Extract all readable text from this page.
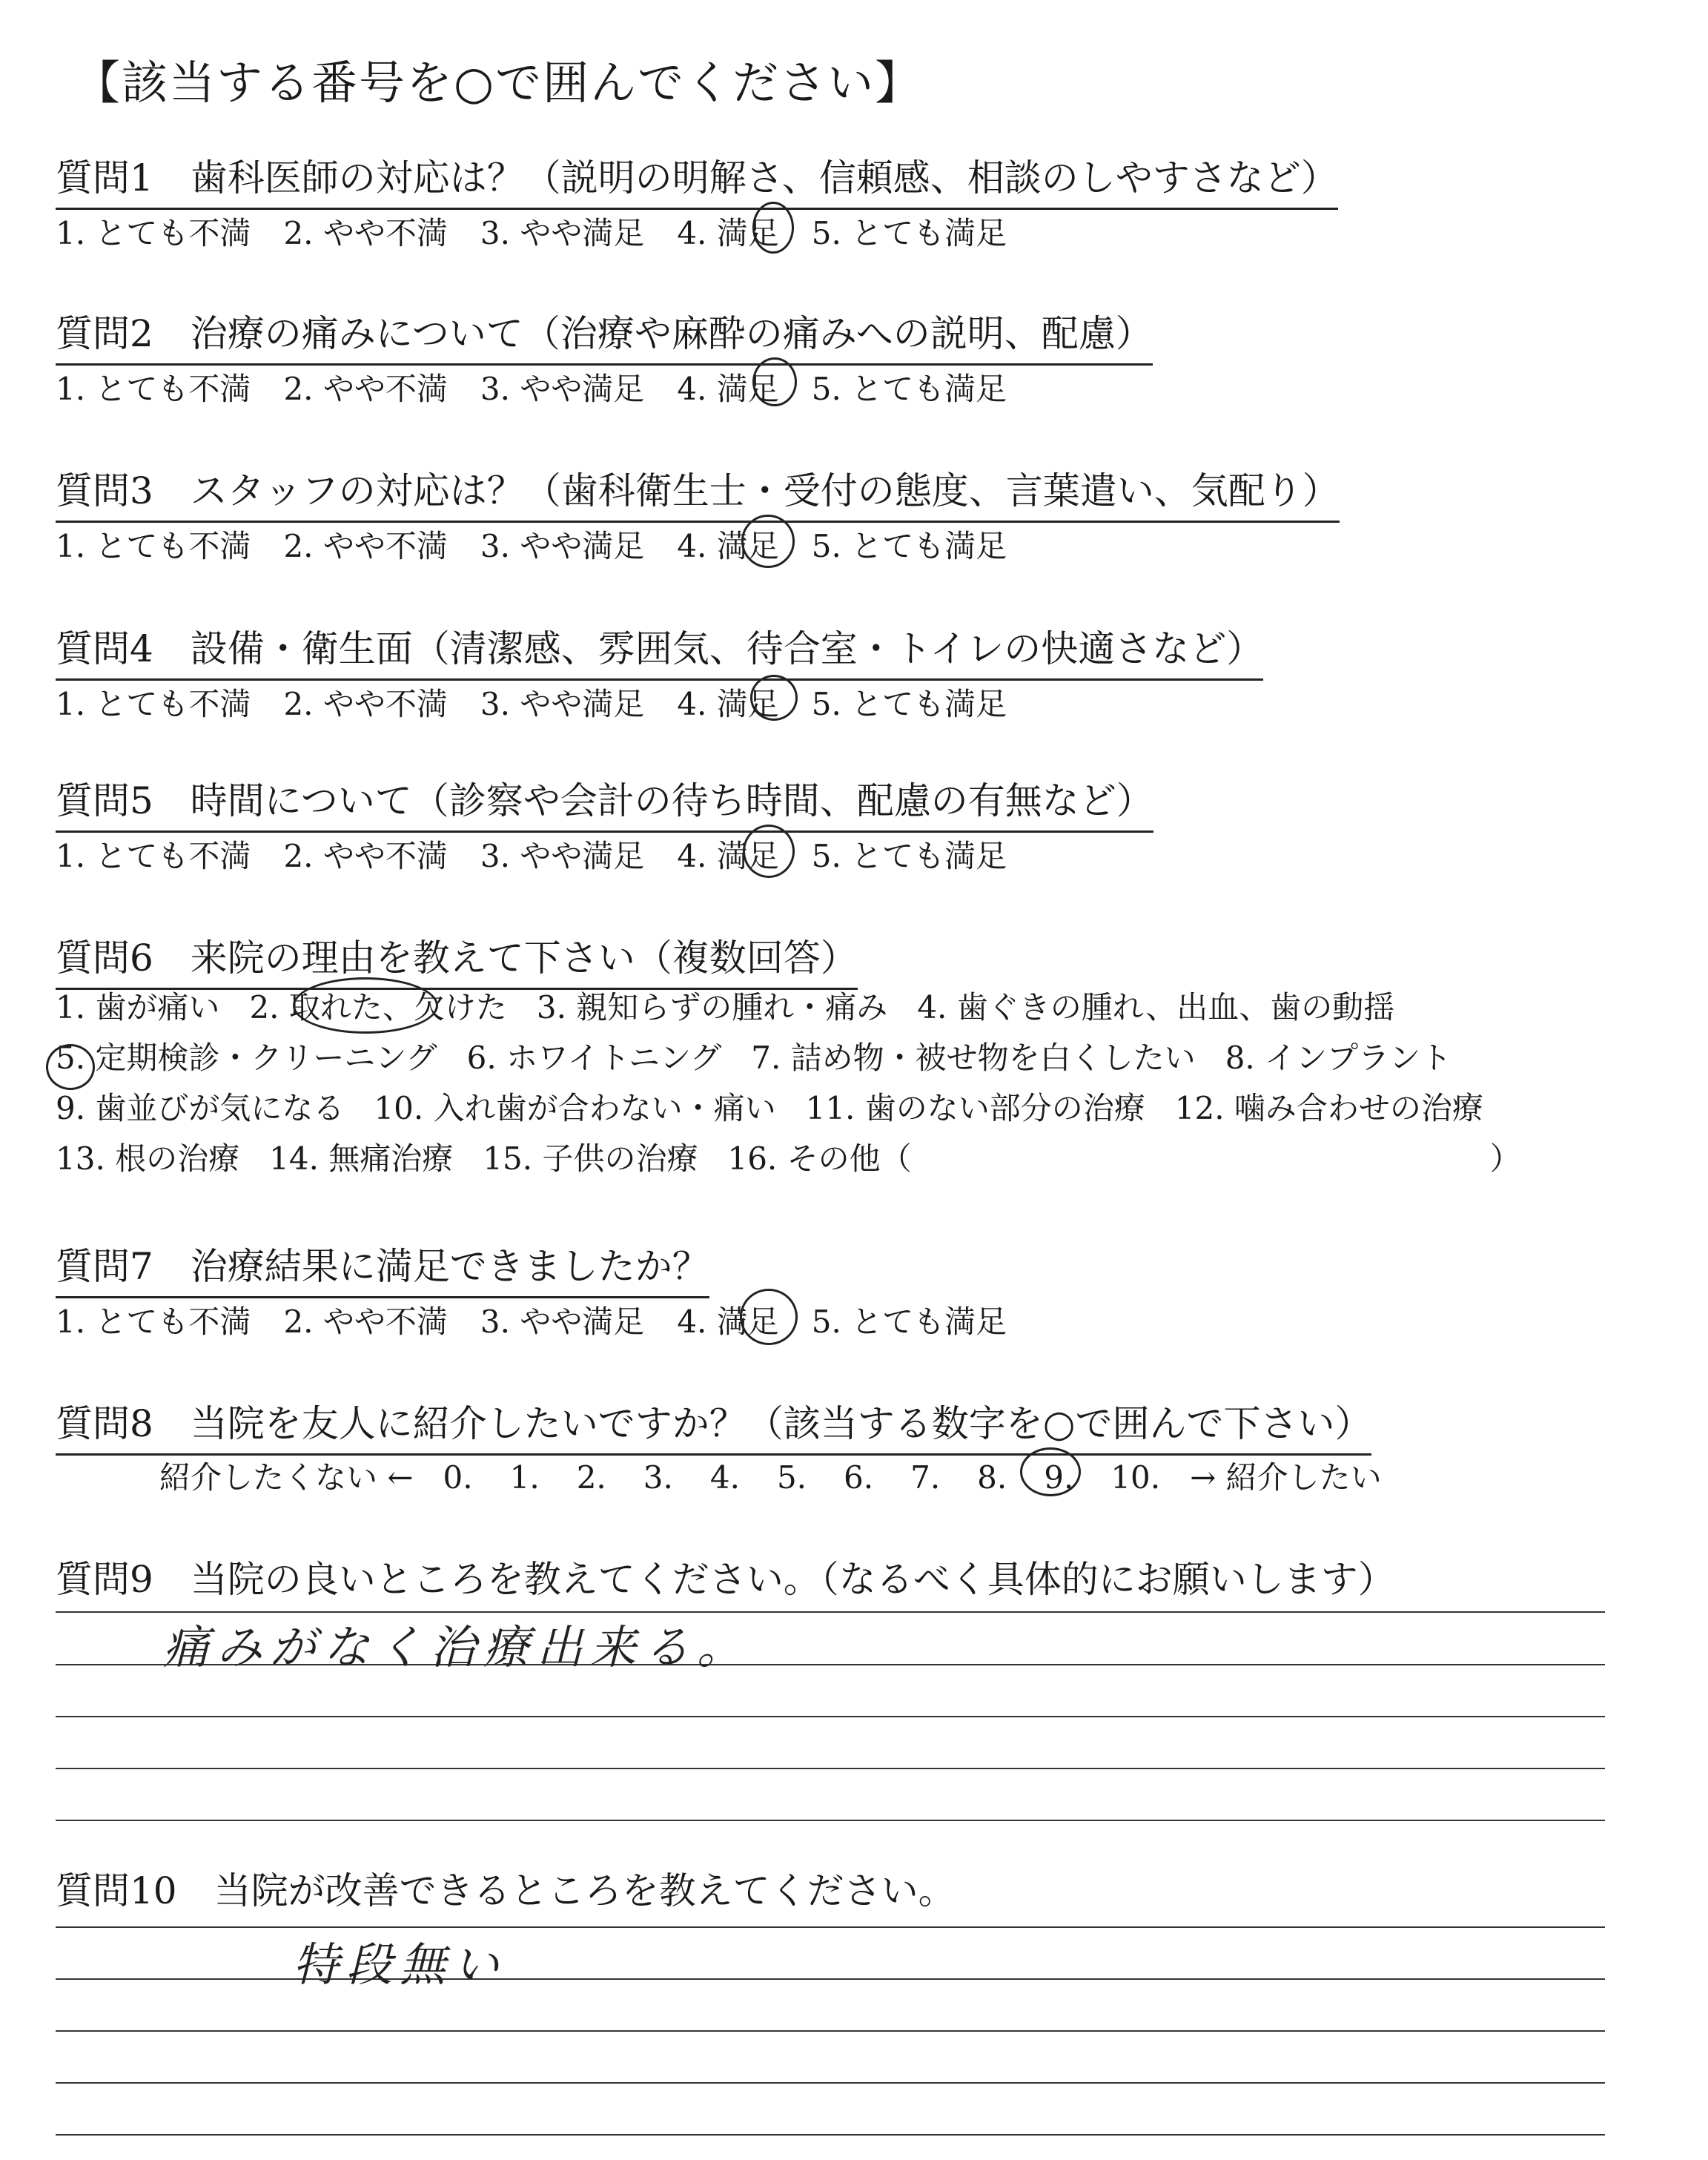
【該当する番号を○で囲んでください】
質問1　歯科医師の対応は？（説明の明解さ、信頼感、相談のしやすさなど）
1. とても不満 2. やや不満 3. やや満足 4. 満足 5. とても満足
質問2　治療の痛みについて（治療や麻酔の痛みへの説明、配慮）
1. とても不満 2. やや不満 3. やや満足 4. 満足 5. とても満足
質問3　スタッフの対応は？（歯科衛生士・受付の態度、言葉遣い、気配り）
1. とても不満 2. やや不満 3. やや満足 4. 満足 5. とても満足
質問4　設備・衛生面（清潔感、雰囲気、待合室・トイレの快適さなど）
1. とても不満 2. やや不満 3. やや満足 4. 満足 5. とても満足
質問5　時間について（診察や会計の待ち時間、配慮の有無など）
1. とても不満 2. やや不満 3. やや満足 4. 満足 5. とても満足
質問6　来院の理由を教えて下さい（複数回答）
1. 歯が痛い 2. 取れた、欠けた 3. 親知らずの腫れ・痛み 4. 歯ぐきの腫れ、出血、歯の動揺
5. 定期検診・クリーニング 6. ホワイトニング 7. 詰め物・被せ物を白くしたい 8. インプラント
9. 歯並びが気になる 10. 入れ歯が合わない・痛い 11. 歯のない部分の治療 12. 噛み合わせの治療
13. 根の治療 14. 無痛治療 15. 子供の治療 16. その他（	）
質問7　治療結果に満足できましたか？
1. とても不満 2. やや不満 3. やや満足 4. 満足 5. とても満足
質問8　当院を友人に紹介したいですか？（該当する数字を○で囲んで下さい）
紹介したくない ← 0. 1. 2. 3. 4. 5. 6. 7. 8. 9. 10. → 紹介したい
質問9　当院の良いところを教えてください。（なるべく具体的にお願いします）
痛みがなく治療出来る。
質問10　当院が改善できるところを教えてください。
特段無い
